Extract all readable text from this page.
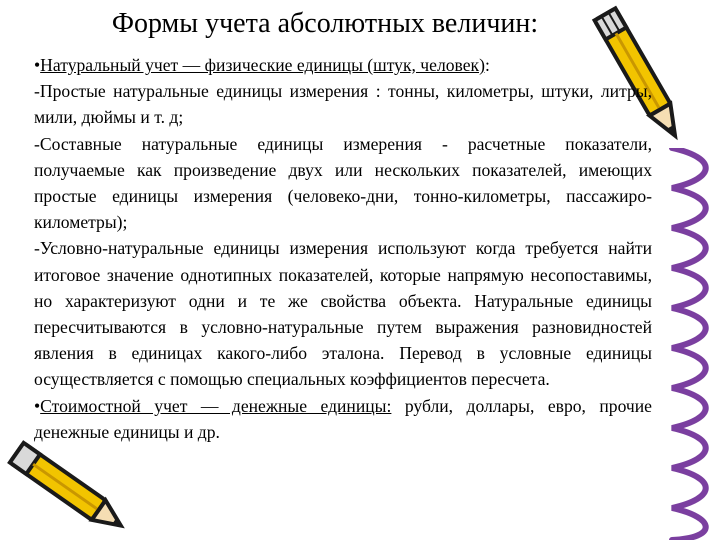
Формы учета абсолютных величин:

•Натуральный учет — физические единицы (штук, человек):

-Простые натуральные единицы измерения : тонны, километры, штуки, литры, мили, дюймы и т. д;

-Составные натуральные единицы измерения - расчетные показатели, получаемые как произведение двух или нескольких показателей, имеющих простые единицы измерения (человеко-дни, тонно-километры, пассажиро-километры);

-Условно-натуральные единицы измерения используют когда требуется найти итоговое значение однотипных показателей, которые напрямую несопоставимы, но характеризуют одни и те же свойства объекта. Натуральные единицы пересчитываются в условно-натуральные путем выражения разновидностей явления в единицах какого-либо эталона. Перевод в условные единицы осуществляется с помощью специальных коэффициентов пересчета.

•Стоимостной учет — денежные единицы: рубли, доллары, евро, прочие денежные единицы и др.
